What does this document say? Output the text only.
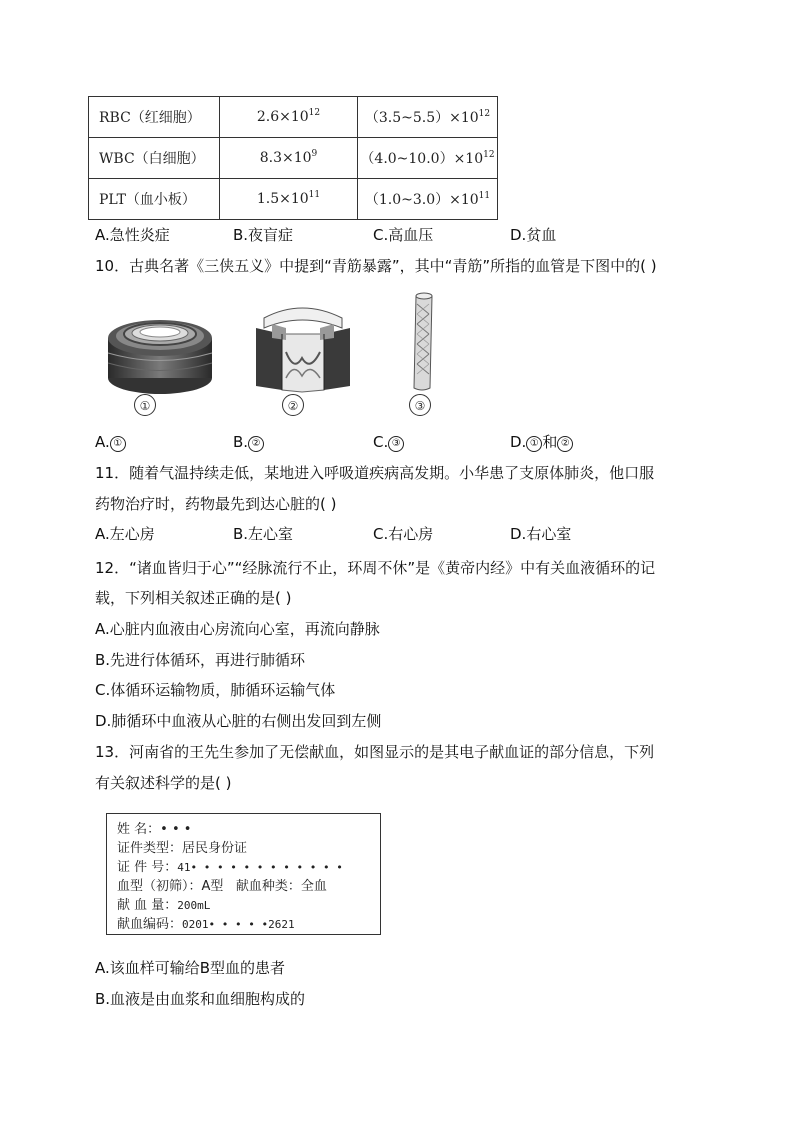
RBC（红细胞）	$2.6\times 10^{12}$	$(3.5\sim 5.5)\times 10^{12}$
WBC（白细胞）	$8.3\times 10^9$	$(4.0\sim 10.0)\times 10^{12}$
PLT（血小板）	$1.5\times 10^{11}$	$(1.0\sim 3.0)\times 10^{11}$
A.急性炎症	B.夜盲症	C.高血压	D.贫血
10．古典名著《三侠五义》中提到“青筋暴露”，其中“青筋”所指的血管是下图中的( )
①	②	③
A. ①	B. ②	C. ③	D. ① 和 ②
11．随着气温持续走低，某地进入呼吸道疾病高发期。小华患了支原体肺炎，他口服
药物治疗时，药物最先到达心脏的( )
A.左心房	B.左心室	C.右心房	D.右心室
12．“诸血皆归于心”“经脉流行不止，环周不休”是《黄帝内经》中有关血液循环的记
载，下列相关叙述正确的是( )
A.心脏内血液由心房流向心室，再流向静脉
B.先进行体循环，再进行肺循环
C.体循环运输物质，肺循环运输气体
D.肺循环中血液从心脏的右侧出发回到左侧
13．河南省的王先生参加了无偿献血，如图显示的是其电子献血证的部分信息，下列
有关叙述科学的是( )
姓 名：• • •
证件类型：居民身份证
证 件 号：41• • • • • • • • • • • •
血型（初筛）：A型 献血种类：全血
献 血 量：200mL
献血编码：0201• • • • •2621
A.该血样可输给B型血的患者
B.血液是由血浆和血细胞构成的
